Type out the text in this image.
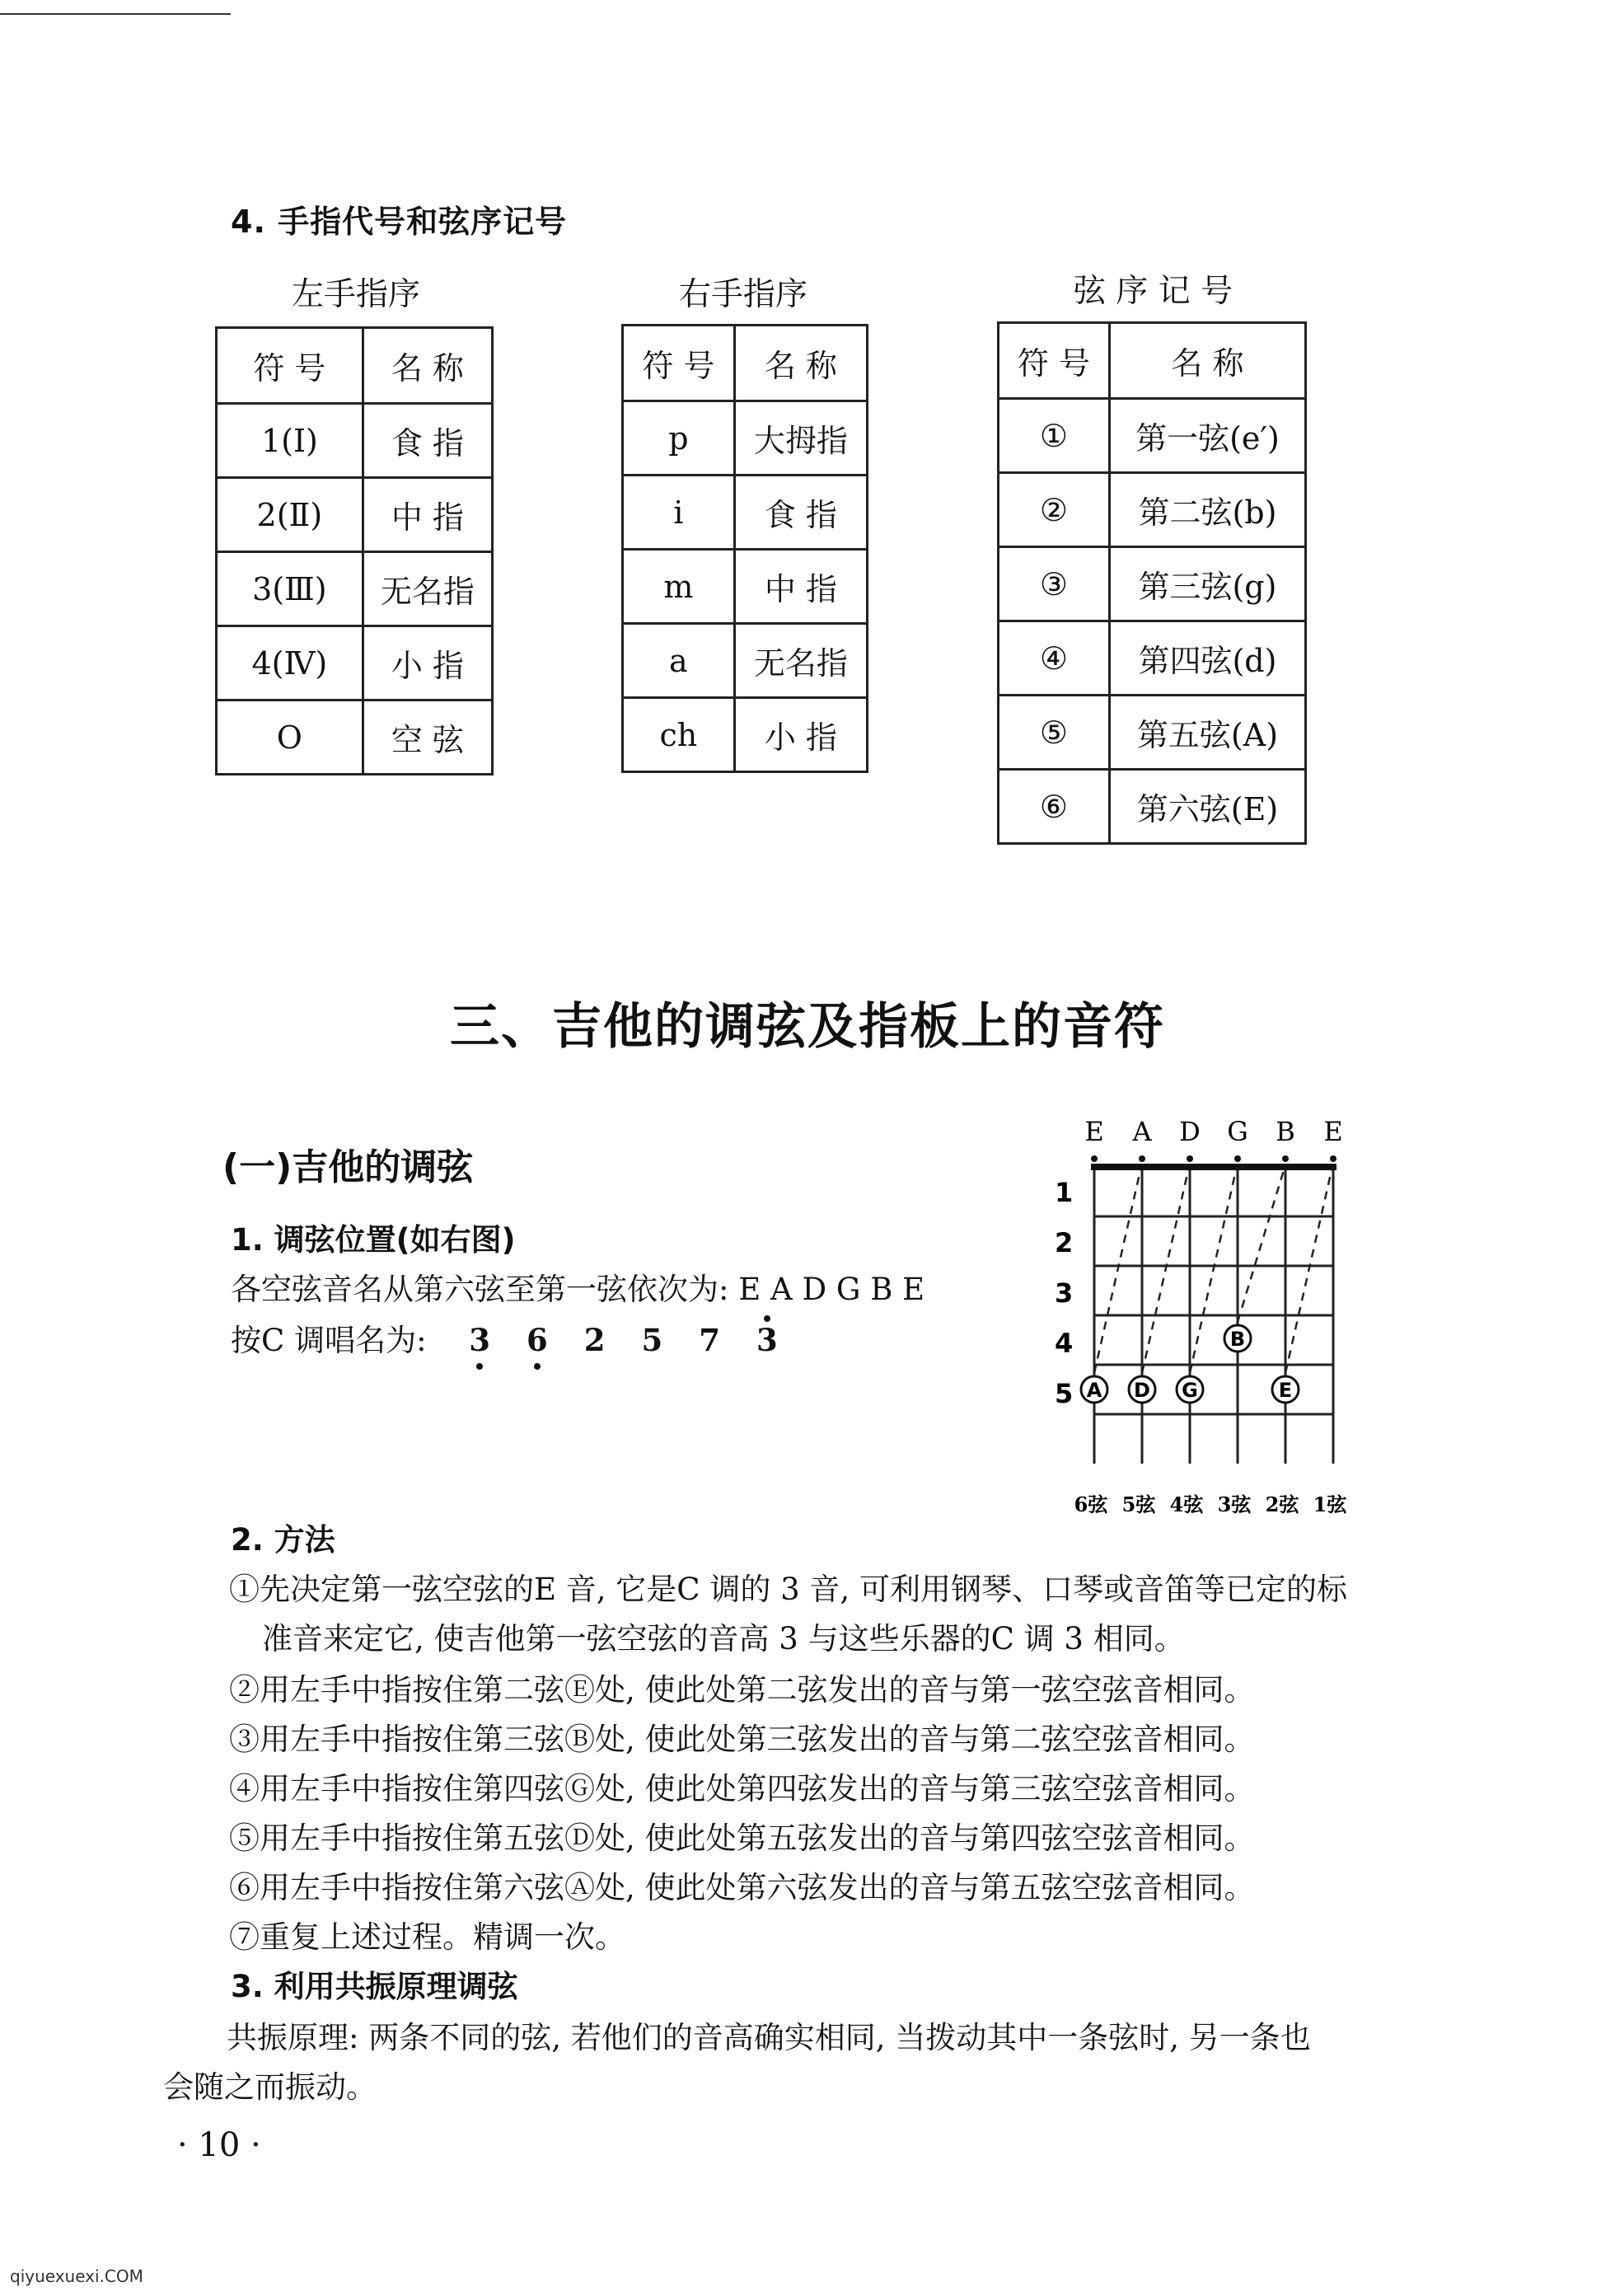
4. 手指代号和弦序记号
左手指序
符 号	名 称
1(Ⅰ)	食 指
2(Ⅱ)	中 指
3(Ⅲ)	无名指
4(Ⅳ)	小 指
O	空 弦
右手指序
符 号	名 称
p	大拇指
i	食 指
m	中 指
a	无名指
ch	小 指
弦 序 记 号
符 号	名 称
①	第一弦(e′)
②	第二弦(b)
③	第三弦(g)
④	第四弦(d)
⑤	第五弦(A)
⑥	第六弦(E)
三、吉他的调弦及指板上的音符
(一)吉他的调弦
1. 调弦位置(如右图)
各空弦音名从第六弦至第一弦依次为: E A D G B E
按C 调唱名为: 3 6 2 5 7 3
E A D G B E
A D G
B
E
1
2
3
4
5
6弦 5弦 4弦 3弦 2弦 1弦
2. 方法
①先决定第一弦空弦的E 音, 它是C 调的 3 音, 可利用钢琴、口琴或音笛等已定的标
准音来定它, 使吉他第一弦空弦的音高 3 与这些乐器的C 调 3 相同。
②用左手中指按住第二弦Ⓔ处, 使此处第二弦发出的音与第一弦空弦音相同。
③用左手中指按住第三弦Ⓑ处, 使此处第三弦发出的音与第二弦空弦音相同。
④用左手中指按住第四弦Ⓖ处, 使此处第四弦发出的音与第三弦空弦音相同。
⑤用左手中指按住第五弦Ⓓ处, 使此处第五弦发出的音与第四弦空弦音相同。
⑥用左手中指按住第六弦Ⓐ处, 使此处第六弦发出的音与第五弦空弦音相同。
⑦重复上述过程。精调一次。
3. 利用共振原理调弦
共振原理: 两条不同的弦, 若他们的音高确实相同, 当拨动其中一条弦时, 另一条也
会随之而振动。
· 10 ·
qiyuexuexi.COM
